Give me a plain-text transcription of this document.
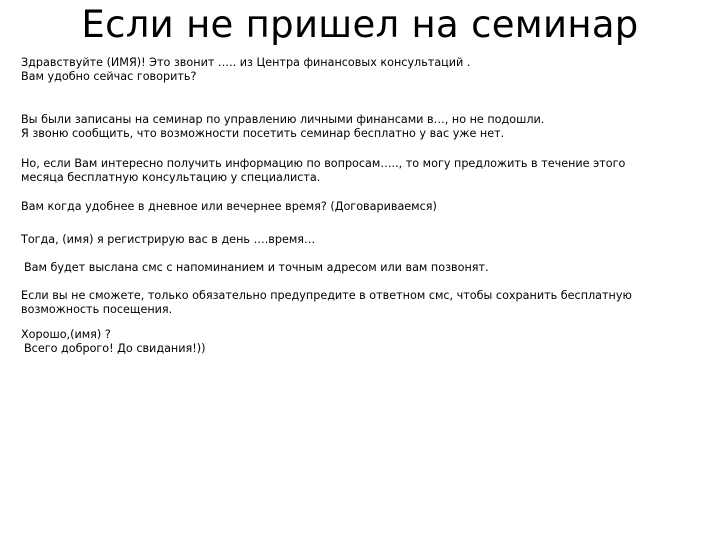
Если не пришел на семинар
Здравствуйте (ИМЯ)! Это звонит ….. из Центра финансовых консультаций .
Вам удобно сейчас говорить?
Вы были записаны на семинар по управлению личными финансами в…, но не подошли.
Я звоню сообщить, что возможности посетить семинар бесплатно у вас уже нет.
Но, если Вам интересно получить информацию по вопросам….., то могу предложить в течение этого
месяца бесплатную консультацию у специалиста.
Вам когда удобнее в дневное или вечернее время? (Договариваемся)
Тогда, (имя) я регистрирую вас в день ….время…
Вам будет выслана смс с напоминанием и точным адресом или вам позвонят.
Если вы не сможете, только обязательно предупредите в ответном смс, чтобы сохранить бесплатную
возможность посещения.
Хорошо,(имя) ?
Всего доброго! До свидания!))
